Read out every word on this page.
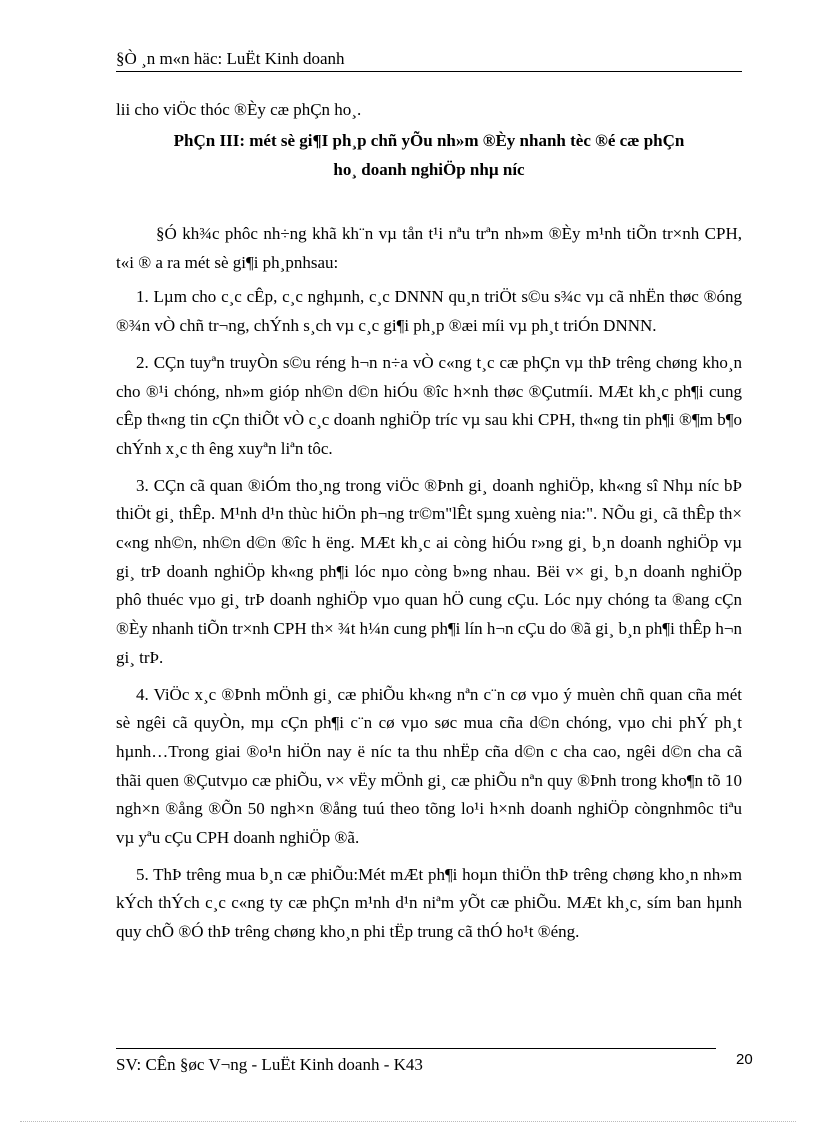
§Ò ¸n m«n häc: LuËt Kinh doanh
lii cho viÖc thóc ®Èy cæ phÇn ho¸.
PhÇn III: mét sè gi¶I ph¸p chñ yÕu nh»m ®Èy nhanh tèc ®é cæ phÇn
ho¸ doanh nghiÖp nhµ níc

§Ó kh¾c phôc nh÷ng khã kh¨n vµ tån t¹i nªu trªn nh»m ®Èy m¹nh tiÕn tr×nh CPH, t«i ® a ra mét sè gi¶i ph¸pnhsau:

1. Lµm cho c¸c cÊp, c¸c nghµnh, c¸c DNNN qu¸n triÖt s©u s¾c vµ cã nhËn thøc ®óng ®¾n vÒ chñ tr¬ng, chÝnh s¸ch vµ c¸c gi¶i ph¸p ®æi míi vµ ph¸t triÓn DNNN.

2. CÇn tuyªn truyÒn s©u réng h¬n n÷a vÒ c«ng t¸c cæ phÇn vµ thÞ trêng chøng kho¸n cho ®¹i chóng, nh»m gióp nh©n d©n hiÓu ®îc h×nh thøc ®Çutmíi. MÆt kh¸c ph¶i cung cÊp th«ng tin cÇn thiÕt vÒ c¸c doanh nghiÖp tríc vµ sau khi CPH, th«ng tin ph¶i ®¶m b¶o chÝnh x¸c th êng xuyªn liªn tôc.

3. CÇn cã quan ®iÓm tho¸ng trong viÖc ®Þnh gi¸ doanh nghiÖp, kh«ng sî Nhµ níc bÞ thiÖt gi¸ thÊp. M¹nh d¹n thùc hiÖn ph¬ng tr©m"lÊt sµng xuèng nia:". NÕu gi¸ cã thÊp th× c«ng nh©n, nh©n d©n ®îc h ëng. MÆt kh¸c ai còng hiÓu r»ng gi¸ b¸n doanh nghiÖp vµ gi¸ trÞ doanh nghiÖp kh«ng ph¶i lóc nµo còng b»ng nhau. Bëi v× gi¸ b¸n doanh nghiÖp phô thuéc vµo gi¸ trÞ doanh nghiÖp vµo quan hÖ cung cÇu. Lóc nµy chóng ta ®ang cÇn ®Èy nhanh tiÕn tr×nh CPH th× ¾t h¼n cung ph¶i lín h¬n cÇu do ®ã gi¸ b¸n ph¶i thÊp h¬n gi¸ trÞ.

4. ViÖc x¸c ®Þnh mÖnh gi¸ cæ phiÕu kh«ng nªn c¨n cø vµo ý muèn chñ quan cña mét sè ngêi cã quyÒn, mµ cÇn ph¶i c¨n cø vµo søc mua cña d©n chóng, vµo chi phÝ ph¸t hµnh…Trong giai ®o¹n hiÖn nay ë níc ta thu nhËp cña d©n c cha cao, ngêi d©n cha cã thãi quen ®Çutvµo cæ phiÕu, v× vËy mÖnh gi¸ cæ phiÕu nªn quy ®Þnh trong kho¶n tõ 10 ngh×n ®ång ®Õn 50 ngh×n ®ång tuú theo tõng lo¹i h×nh doanh nghiÖp còngnhmôc tiªu vµ yªu cÇu CPH doanh nghiÖp ®ã.

5. ThÞ trêng mua b¸n cæ phiÕu:Mét mÆt ph¶i hoµn thiÖn thÞ trêng chøng kho¸n nh»m kÝch thÝch c¸c c«ng ty cæ phÇn m¹nh d¹n niªm yÕt cæ phiÕu. MÆt kh¸c, sím ban hµnh quy chÕ ®Ó thÞ trêng chøng kho¸n phi tËp trung cã thÓ ho¹t ®éng.

SV: CÊn §øc V¬ng - LuËt Kinh doanh - K43	20
